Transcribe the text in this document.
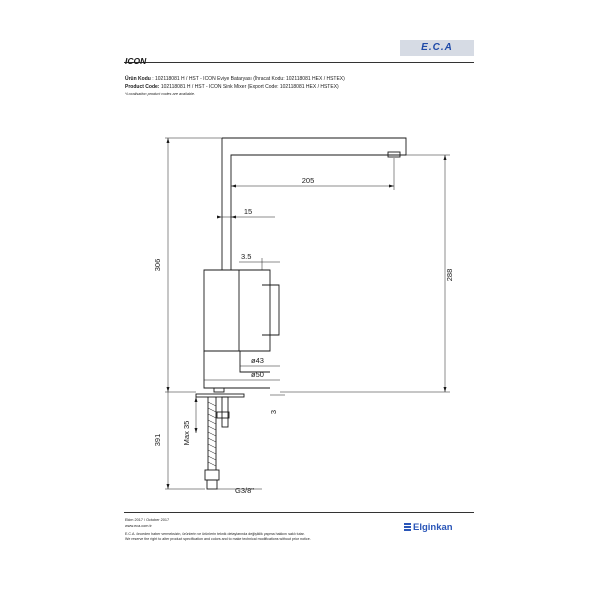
E.C.A
ICON
Ürün Kodu : 102118081 H / HST - ICON Eviye Bataryası (İhracat Kodu: 102118081 HEX / HSTEX)
Product Code: 102118081 H / HST - ICON Sink Mixer (Export Code: 102118081 HEX / HSTEX)
*Localisation product codes are available.
205
15
3.5
288
306
ø43
ø50
3
Max 35
391
G3/8"
Ekim 2017 / October 2017
www.eca.com.tr
E.C.A. önceden haber vermeksizin, ürünlerin ve ürünlerin teknik detaylarında değişiklik yapma hakkını saklı tutar.
We reserve the right to alter product specification and colors and to make technical modifications without prior notice.
Elginkan
